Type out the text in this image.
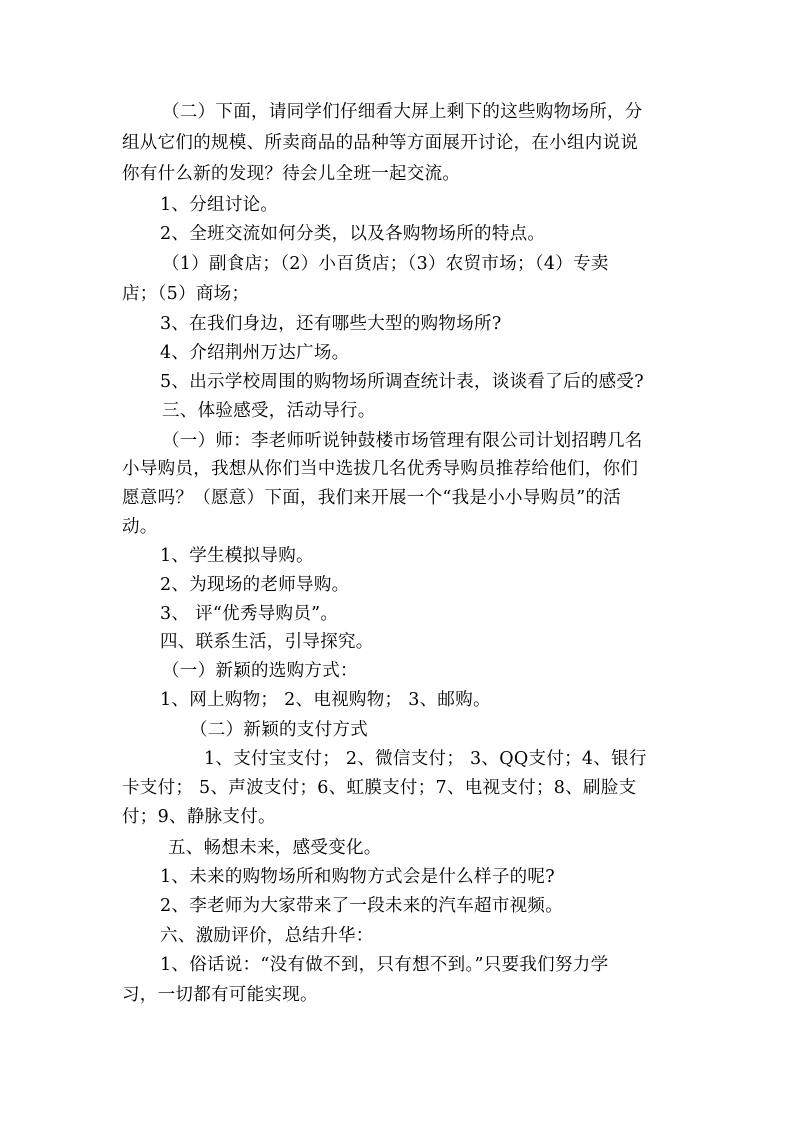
（二）下面，请同学们仔细看大屏上剩下的这些购物场所，分
组从它们的规模、所卖商品的品种等方面展开讨论，在小组内说说
你有什么新的发现？待会儿全班一起交流。
1、分组讨论。
2、全班交流如何分类，以及各购物场所的特点。
（1）副食店；（2）小百货店；（3）农贸市场；（4）专卖
店；（5）商场；
3、在我们身边，还有哪些大型的购物场所?
4、介绍荆州万达广场。
5、出示学校周围的购物场所调查统计表，谈谈看了后的感受?
三、体验感受，活动导行。
（一）师：李老师听说钟鼓楼市场管理有限公司计划招聘几名
小导购员，我想从你们当中选拔几名优秀导购员推荐给他们，你们
愿意吗？（愿意）下面，我们来开展一个“我是小小导购员”的活
动。
1、学生模拟导购。
2、为现场的老师导购。
3、 评“优秀导购员”。
四、联系生活，引导探究。
（一）新颖的选购方式：
1、网上购物； 2、电视购物； 3、邮购。
（二）新颖的支付方式
1、支付宝支付； 2、微信支付； 3、QQ支付；4、银行
卡支付； 5、声波支付；6、虹膜支付；7、电视支付；8、刷脸支
付；9、静脉支付。
五、畅想未来，感受变化。
1、未来的购物场所和购物方式会是什么样子的呢?
2、李老师为大家带来了一段未来的汽车超市视频。
六、激励评价，总结升华：
1、俗话说：“没有做不到，只有想不到。”只要我们努力学
习，一切都有可能实现。
